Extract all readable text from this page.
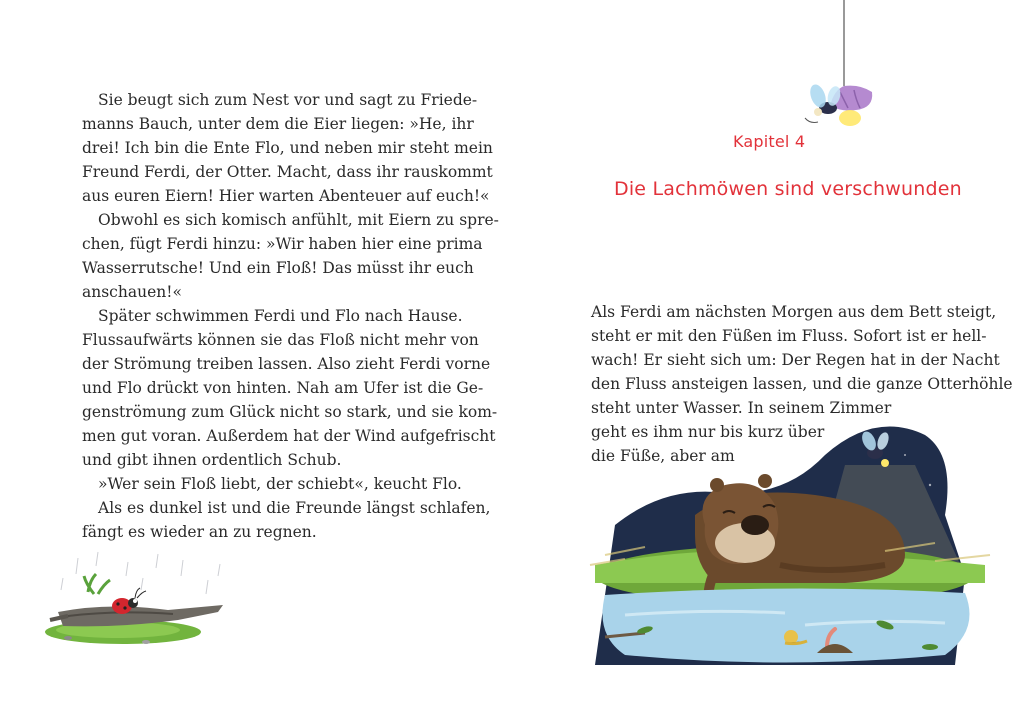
Sie beugt sich zum Nest vor und sagt zu Friede-
manns Bauch, unter dem die Eier liegen: »He, ihr
drei! Ich bin die Ente Flo, und neben mir steht mein
Freund Ferdi, der Otter. Macht, dass ihr rauskommt
aus euren Eiern! Hier warten Abenteuer auf euch!«
Obwohl es sich komisch anfühlt, mit Eiern zu spre-
chen, fügt Ferdi hinzu: »Wir haben hier eine prima
Wasserrutsche! Und ein Floß! Das müsst ihr euch
anschauen!«
Später schwimmen Ferdi und Flo nach Hause.
Flussaufwärts können sie das Floß nicht mehr von
der Strömung treiben lassen. Also zieht Ferdi vorne
und Flo drückt von hinten. Nah am Ufer ist die Ge-
genströmung zum Glück nicht so stark, und sie kom-
men gut voran. Außerdem hat der Wind aufgefrischt
und gibt ihnen ordentlich Schub.
»Wer sein Floß liebt, der schiebt«, keucht Flo.
Als es dunkel ist und die Freunde längst schlafen,
fängt es wieder an zu regnen.
Kapitel 4
Die Lachmöwen sind verschwunden
Als Ferdi am nächsten Morgen aus dem Bett steigt,
steht er mit den Füßen im Fluss. Sofort ist er hell-
wach! Er sieht sich um: Der Regen hat in der Nacht
den Fluss ansteigen lassen, und die ganze Otterhöhle
steht unter Wasser. In seinem Zimmer
geht es ihm nur bis kurz über
die Füße, aber am
